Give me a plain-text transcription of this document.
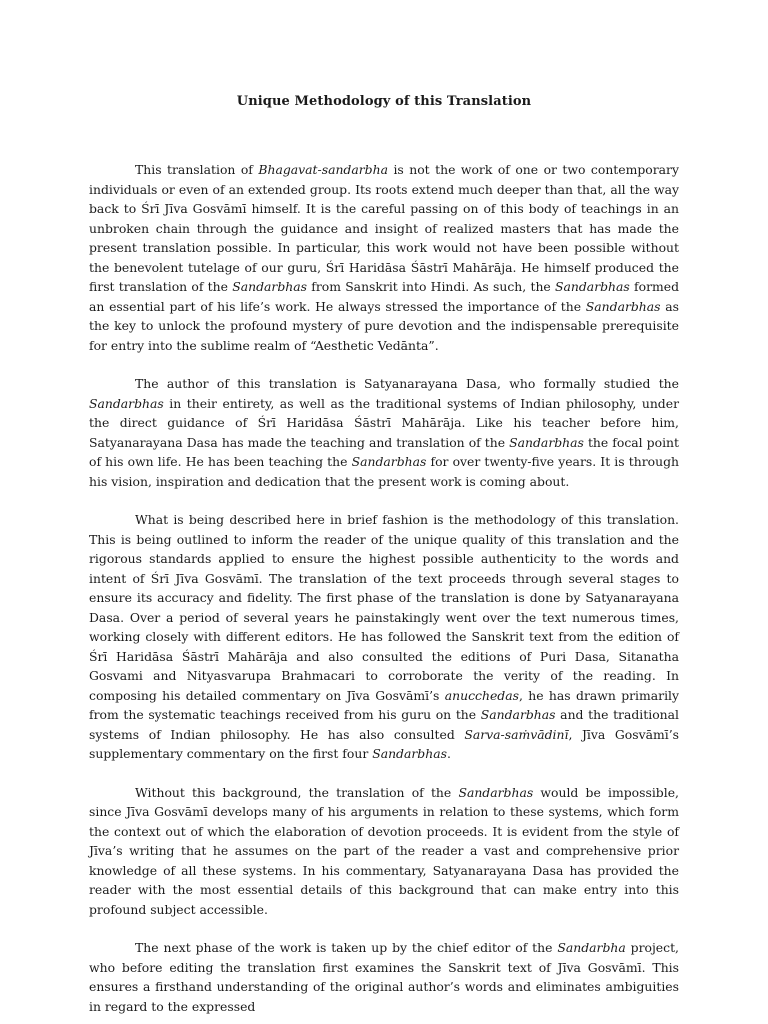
Unique Methodology of this Translation

This translation of Bhagavat-sandarbha is not the work of one or two contemporary individuals or even of an extended group. Its roots extend much deeper than that, all the way back to Śrī Jīva Gosvāmī himself. It is the careful passing on of this body of teachings in an unbroken chain through the guidance and insight of realized masters that has made the present translation possible. In particular, this work would not have been possible without the benevolent tutelage of our guru, Śrī Haridāsa Śāstrī Mahārāja. He himself produced the first translation of the Sandarbhas from Sanskrit into Hindi. As such, the Sandarbhas formed an essential part of his life’s work. He always stressed the importance of the Sandarbhas as the key to unlock the profound mystery of pure devotion and the indispensable prerequisite for entry into the sublime realm of “Aesthetic Vedānta”.

The author of this translation is Satyanarayana Dasa, who formally studied the Sandarbhas in their entirety, as well as the traditional systems of Indian philosophy, under the direct guidance of Śrī Haridāsa Śāstrī Mahārāja. Like his teacher before him, Satyanarayana Dasa has made the teaching and translation of the Sandarbhas the focal point of his own life. He has been teaching the Sandarbhas for over twenty-five years. It is through his vision, inspiration and dedication that the present work is coming about.

What is being described here in brief fashion is the methodology of this translation. This is being outlined to inform the reader of the unique quality of this translation and the rigorous standards applied to ensure the highest possible authenticity to the words and intent of Śrī Jīva Gosvāmī. The translation of the text proceeds through several stages to ensure its accuracy and fidelity. The first phase of the translation is done by Satyanarayana Dasa. Over a period of several years he painstakingly went over the text numerous times, working closely with different editors. He has followed the Sanskrit text from the edition of Śrī Haridāsa Śāstrī Mahārāja and also consulted the editions of Puri Dasa, Sitanatha Gosvami and Nityasvarupa Brahmacari to corroborate the verity of the reading. In composing his detailed commentary on Jīva Gosvāmī’s anucchedas, he has drawn primarily from the systematic teachings received from his guru on the Sandarbhas and the traditional systems of Indian philosophy. He has also consulted Sarva-saṁvādinī, Jīva Gosvāmī’s supplementary commentary on the first four Sandarbhas.

Without this background, the translation of the Sandarbhas would be impossible, since Jīva Gosvāmī develops many of his arguments in relation to these systems, which form the context out of which the elaboration of devotion proceeds. It is evident from the style of Jīva’s writing that he assumes on the part of the reader a vast and comprehensive prior knowledge of all these systems. In his commentary, Satyanarayana Dasa has provided the reader with the most essential details of this background that can make entry into this profound subject accessible.

The next phase of the work is taken up by the chief editor of the Sandarbha project, who before editing the translation first examines the Sanskrit text of Jīva Gosvāmī. This ensures a firsthand understanding of the original author’s words and eliminates ambiguities in regard to the expressed
